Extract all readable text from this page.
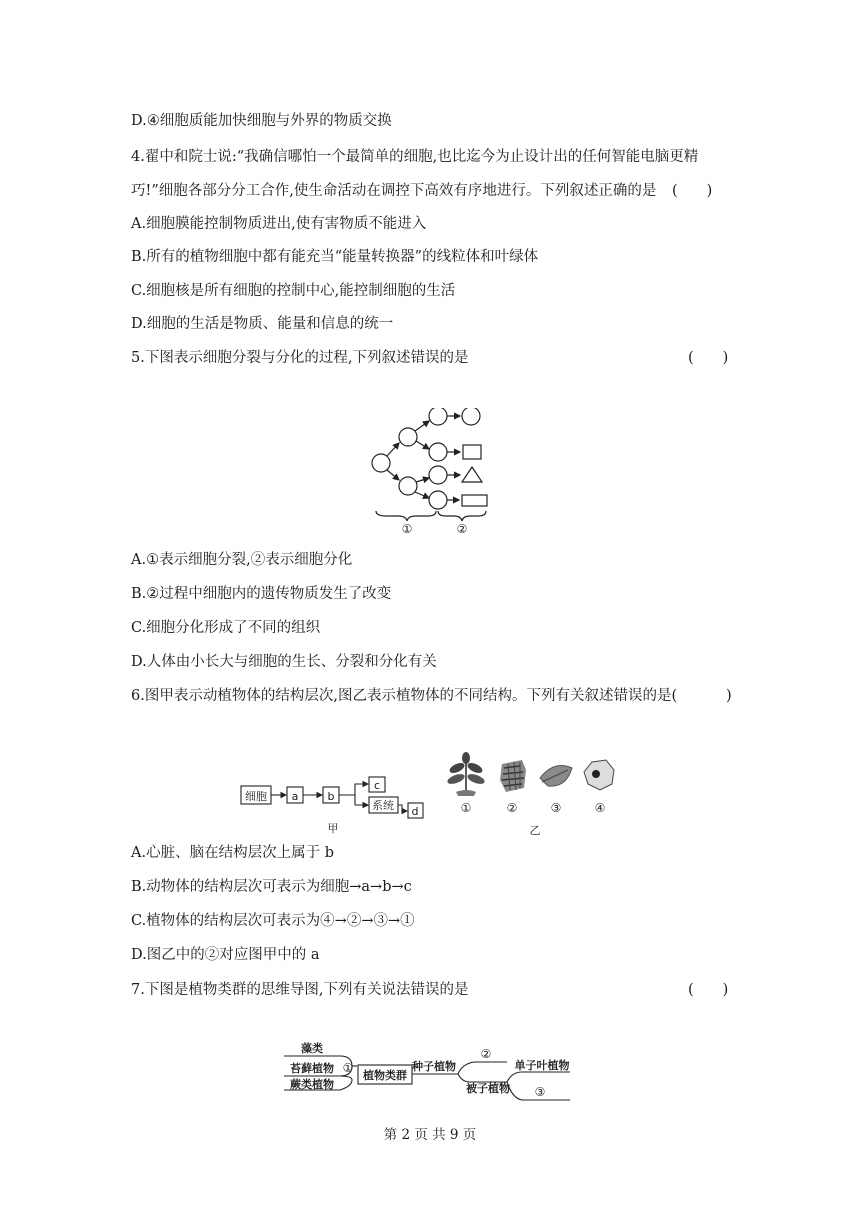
D.④细胞质能加快细胞与外界的物质交换
4.翟中和院士说:“我确信哪怕一个最简单的细胞,也比迄今为止设计出的任何智能电脑更精
巧!”细胞各部分分工合作,使生命活动在调控下高效有序地进行。下列叙述正确的是 (　　)
A.细胞膜能控制物质进出,使有害物质不能进入
B.所有的植物细胞中都有能充当“能量转换器”的线粒体和叶绿体
C.细胞核是所有细胞的控制中心,能控制细胞的生活
D.细胞的生活是物质、能量和信息的统一
5.下图表示细胞分裂与分化的过程,下列叙述错误的是	(　　)
①	②
A.①表示细胞分裂,②表示细胞分化
B.②过程中细胞内的遗传物质发生了改变
C.细胞分化形成了不同的组织
D.人体由小长大与细胞的生长、分裂和分化有关
6.图甲表示动植物体的结构层次,图乙表示植物体的不同结构。下列有关叙述错误的是(	)
细胞 a	b
c
系统 d
甲
①	②	③	④
乙
A.心脏、脑在结构层次上属于 b
B.动物体的结构层次可表示为细胞→a→b→c
C.植物体的结构层次可表示为④→②→③→①
D.图乙中的②对应图甲中的 a
7.下图是植物类群的思维导图,下列有关说法错误的是	(　　)
藻类
苔藓植物
蕨类植物
植物类群
种子植物
被子植物
单子叶植物
①
②
③
第 2 页 共 9 页
